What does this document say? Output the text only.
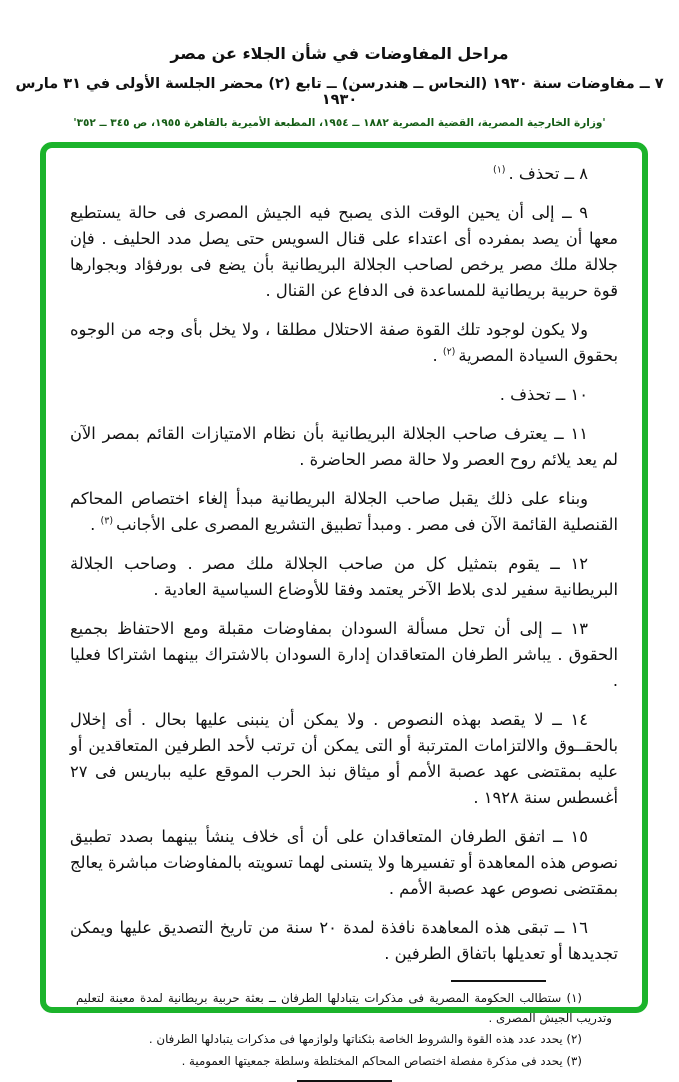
مراحل المفاوضات في شأن الجلاء عن مصر
٧ ــ مفاوضات سنة ١٩٣٠ (النحاس ــ هندرسن) ــ تابع (٢) محضر الجلسة الأولى في ٣١ مارس ١٩٣٠
'وزارة الخارجية المصرية، القضية المصرية ١٨٨٢ ــ ١٩٥٤، المطبعة الأميرية بالقاهرة ١٩٥٥، ص ٣٤٥ ــ ٣٥٢'

٨ ــ تحذف . $^{(١)}$

٩ ــ إلى أن يحين الوقت الذى يصبح فيه الجيش المصرى فى حالة يستطيع معها أن يصد بمفرده أى اعتداء على قنال السويس حتى يصل مدد الحليف . فإن جلالة ملك مصر يرخص لصاحب الجلالة البريطانية بأن يضع فى بورفؤاد وبجوارها قوة حربية بريطانية للمساعدة فى الدفاع عن القنال .

ولا يكون لوجود تلك القوة صفة الاحتلال مطلقا ، ولا يخل بأى وجه من الوجوه بحقوق السيادة المصرية $^{(٢)}$ .

١٠ ــ تحذف .

١١ ــ يعترف صاحب الجلالة البريطانية بأن نظام الامتيازات القائم بمصر الآن لم يعد يلائم روح العصر ولا حالة مصر الحاضرة .

وبناء على ذلك يقبل صاحب الجلالة البريطانية مبدأ إلغاء اختصاص المحاكم القنصلية القائمة الآن فى مصر . ومبدأ تطبيق التشريع المصرى على الأجانب $^{(٣)}$ .

١٢ ــ يقوم بتمثيل كل من صاحب الجلالة ملك مصر . وصاحب الجلالة البريطانية سفير لدى بلاط الآخر يعتمد وفقا للأوضاع السياسية العادية .

١٣ ــ إلى أن تحل مسألة السودان بمفاوضات مقبلة ومع الاحتفاظ بجميع الحقوق . يباشر الطرفان المتعاقدان إدارة السودان بالاشتراك بينهما اشتراكا فعليا .

١٤ ــ لا يقصد بهذه النصوص . ولا يمكن أن ينبنى عليها بحال . أى إخلال بالحقــوق والالتزامات المترتبة أو التى يمكن أن ترتب لأحد الطرفين المتعاقدين أو عليه بمقتضى عهد عصبة الأمم أو ميثاق نبذ الحرب الموقع عليه بباريس فى ٢٧ أغسطس سنة ١٩٢٨ .

١٥ ــ اتفق الطرفان المتعاقدان على أن أى خلاف ينشأ بينهما بصدد تطبيق نصوص هذه المعاهدة أو تفسيرها ولا يتسنى لهما تسويته بالمفاوضات مباشرة يعالج بمقتضى نصوص عهد عصبة الأمم .

١٦ ــ تبقى هذه المعاهدة نافذة لمدة ٢٠ سنة من تاريخ التصديق عليها ويمكن تجديدها أو تعديلها باتفاق الطرفين .

(١) ستطالب الحكومة المصرية فى مذكرات يتبادلها الطرفان ــ بعثة حربية بريطانية لمدة معينة لتعليم وتدريب الجيش المصرى .

(٢) يحدد عدد هذه القوة والشروط الخاصة بثكناتها ولوازمها فى مذكرات يتبادلها الطرفان .

(٣) يحدد فى مذكرة مفصلة اختصاص المحاكم المختلطة وسلطة جمعيتها العمومية .
